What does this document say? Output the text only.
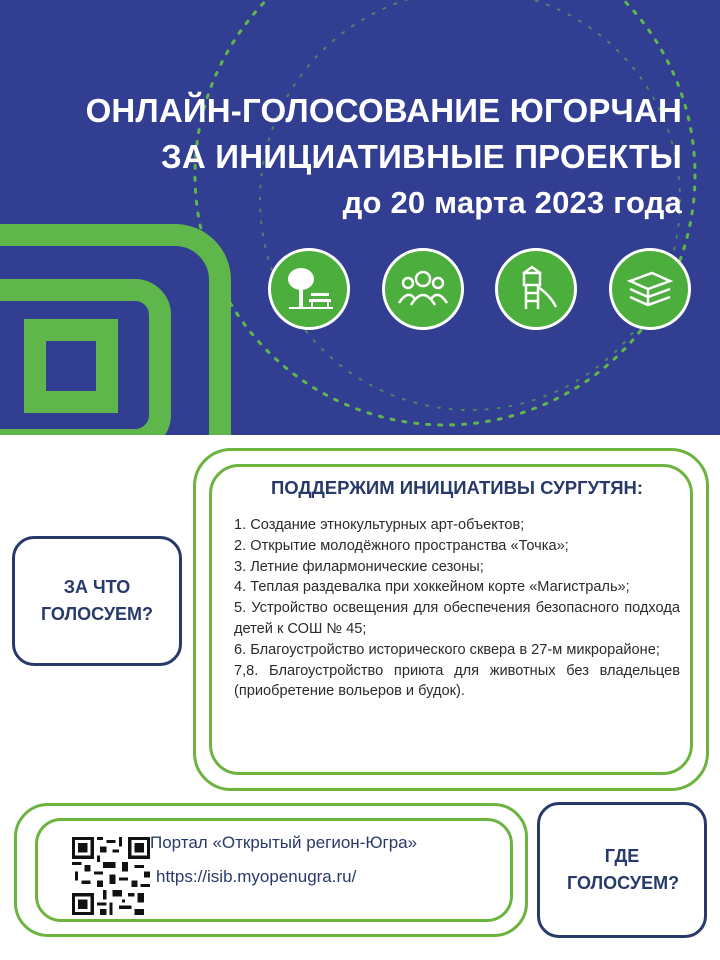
ОНЛАЙН-ГОЛОСОВАНИЕ ЮГОРЧАН
ЗА ИНИЦИАТИВНЫЕ ПРОЕКТЫ
до 20 марта 2023 года
ЗА ЧТО ГОЛОСУЕМ?
ПОДДЕРЖИМ ИНИЦИАТИВЫ СУРГУТЯН:
1. Создание этнокультурных арт-объектов;
2. Открытие молодёжного пространства «Точка»;
3. Летние филармонические сезоны;
4. Теплая раздевалка при хоккейном корте «Магистраль»;
5. Устройство освещения для обеспечения безопасного подхода детей к СОШ № 45;
6. Благоустройство исторического сквера в 27-м микрорайоне;
7,8. Благоустройство приюта для животных без владельцев (приобретение вольеров и будок).
Портал «Открытый регион-Югра»
https://isib.myopenugra.ru/
ГДЕ ГОЛОСУЕМ?
